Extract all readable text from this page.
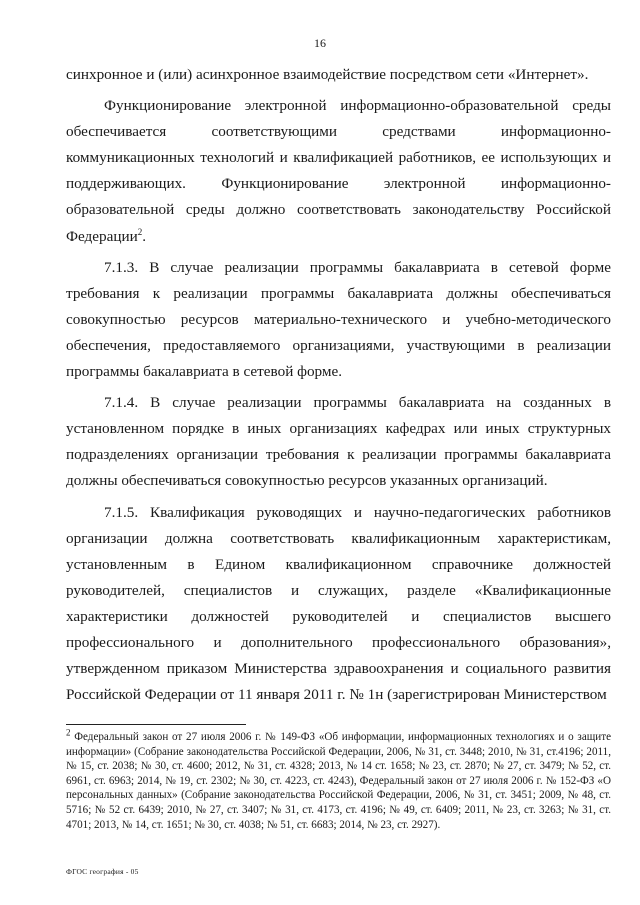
16

синхронное и (или) асинхронное взаимодействие посредством сети «Интернет».

Функционирование электронной информационно-образовательной среды обеспечивается соответствующими средствами информационно-коммуникационных технологий и квалификацией работников, ее использующих и поддерживающих. Функционирование электронной информационно-образовательной среды должно соответствовать законодательству Российской Федерации$^2$.

7.1.3. В случае реализации программы бакалавриата в сетевой форме требования к реализации программы бакалавриата должны обеспечиваться совокупностью ресурсов материально-технического и учебно-методического обеспечения, предоставляемого организациями, участвующими в реализации программы бакалавриата в сетевой форме.

7.1.4. В случае реализации программы бакалавриата на созданных в установленном порядке в иных организациях кафедрах или иных структурных подразделениях организации требования к реализации программы бакалавриата должны обеспечиваться совокупностью ресурсов указанных организаций.

7.1.5. Квалификация руководящих и научно-педагогических работников организации должна соответствовать квалификационным характеристикам, установленным в Едином квалификационном справочнике должностей руководителей, специалистов и служащих, разделе «Квалификационные характеристики должностей руководителей и специалистов высшего профессионального и дополнительного профессионального образования», утвержденном приказом Министерства здравоохранения и социального развития Российской Федерации от 11 января 2011 г. № 1н (зарегистрирован Министерством

$^2$ Федеральный закон от 27 июля 2006 г. № 149-ФЗ «Об информации, информационных технологиях и о защите информации» (Собрание законодательства Российской Федерации, 2006, № 31, ст. 3448; 2010, № 31, ст.4196; 2011, № 15, ст. 2038; № 30, ст. 4600; 2012, № 31, ст. 4328; 2013, № 14 ст. 1658; № 23, ст. 2870; № 27, ст. 3479; № 52, ст. 6961, ст. 6963; 2014, № 19, ст. 2302; № 30, ст. 4223, ст. 4243), Федеральный закон от 27 июля 2006 г. № 152-ФЗ «О персональных данных» (Собрание законодательства Российской Федерации, 2006, № 31, ст. 3451; 2009, № 48, ст. 5716; № 52 ст. 6439; 2010, № 27, ст. 3407; № 31, ст. 4173, ст. 4196; № 49, ст. 6409; 2011, № 23, ст. 3263; № 31, ст. 4701; 2013, № 14, ст. 1651; № 30, ст. 4038; № 51, ст. 6683; 2014, № 23, ст. 2927).
ФГОС география - 05
